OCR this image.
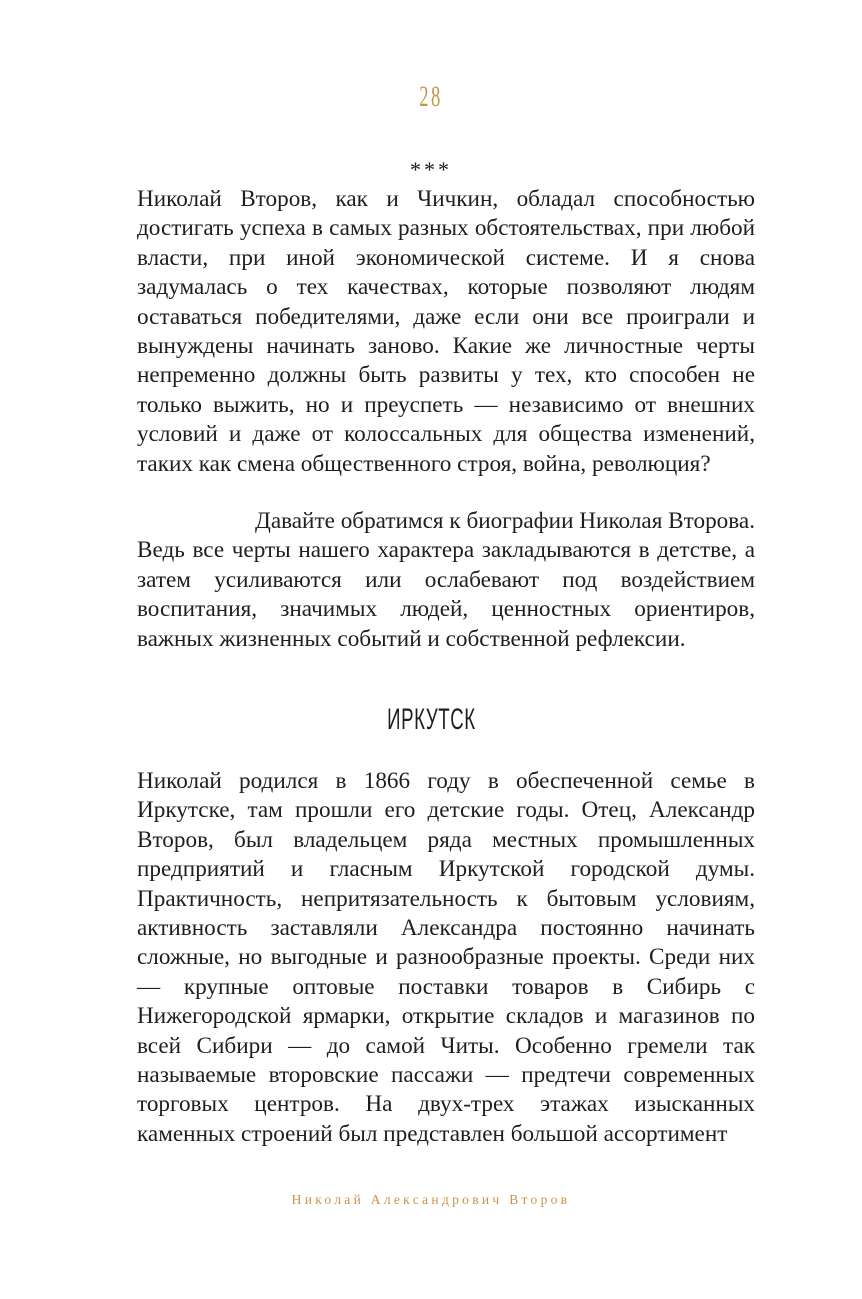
28
***

Николай Второв, как и Чичкин, обладал способностью достигать успеха в самых разных обстоятельствах, при любой власти, при иной экономической системе. И я снова задумалась о тех качествах, которые позволяют людям оставаться победителями, даже если они все проиграли и вынуждены начинать заново. Какие же личностные черты непременно должны быть развиты у тех, кто способен не только выжить, но и преуспеть — независимо от внешних условий и даже от колоссальных для общества изменений, таких как смена общественного строя, война, революция?

Давайте обратимся к биографии Николая Второва. Ведь все черты нашего характера закладываются в детстве, а затем усиливаются или ослабевают под воздействием воспитания, значимых людей, ценностных ориентиров, важных жизненных событий и собственной рефлексии.

ИРКУТСК

Николай родился в 1866 году в обеспеченной семье в Иркутске, там прошли его детские годы. Отец, Александр Второв, был владельцем ряда местных промышленных предприятий и гласным Иркутской городской думы. Практичность, непритязательность к бытовым условиям, активность заставляли Александра постоянно начинать сложные, но выгодные и разнообразные проекты. Среди них — крупные оптовые поставки товаров в Сибирь с Нижегородской ярмарки, открытие складов и магазинов по всей Сибири — до самой Читы. Особенно гремели так называемые второвские пассажи — предтечи современных торговых центров. На двух-трех этажах изысканных каменных строений был представлен большой ассортимент

Николай Александрович Второв
